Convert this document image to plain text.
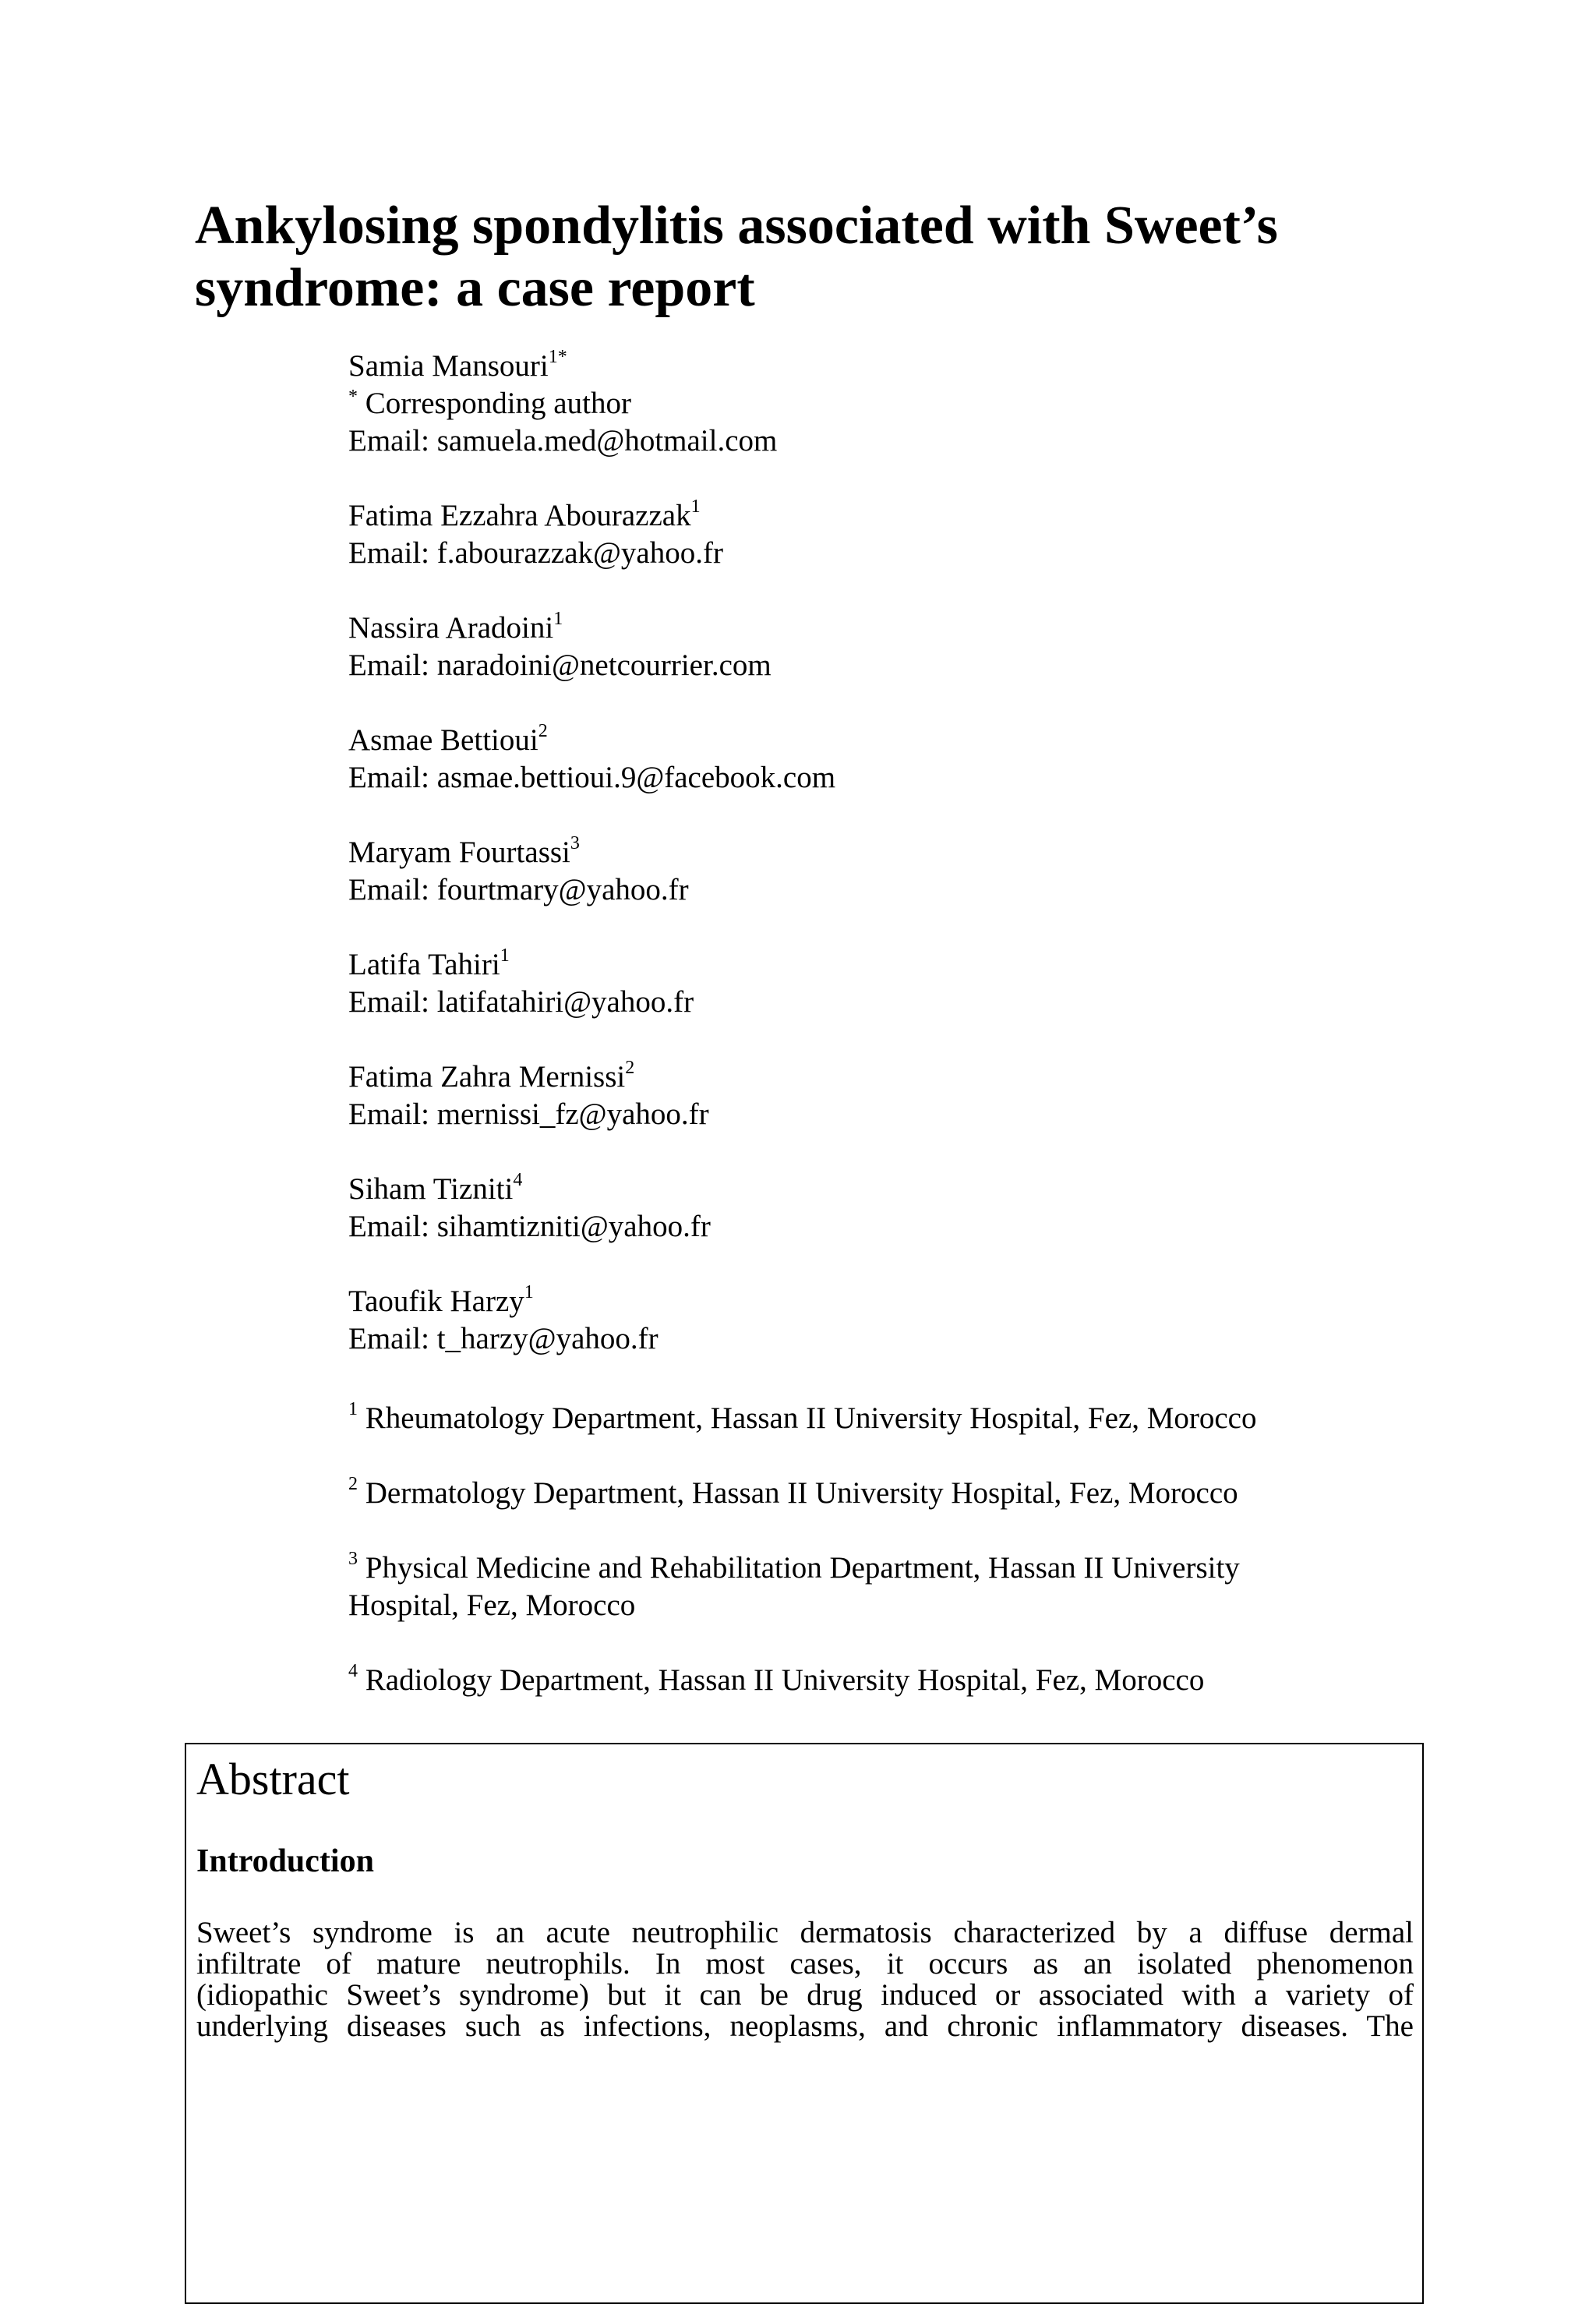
Ankylosing spondylitis associated with Sweet’s
syndrome: a case report
Samia Mansouri$^{1*}$
* Corresponding author
Email: samuela.med@hotmail.com
Fatima Ezzahra Abourazzak$^1$
Email: f.abourazzak@yahoo.fr
Nassira Aradoini$^1$
Email: naradoini@netcourrier.com
Asmae Bettioui$^2$
Email: asmae.bettioui.9@facebook.com
Maryam Fourtassi$^3$
Email: fourtmary@yahoo.fr
Latifa Tahiri$^1$
Email: latifatahiri@yahoo.fr
Fatima Zahra Mernissi$^2$
Email: mernissi_fz@yahoo.fr
Siham Tizniti$^4$
Email: sihamtizniti@yahoo.fr
Taoufik Harzy$^1$
Email: t_harzy@yahoo.fr
$^1$ Rheumatology Department, Hassan II University Hospital, Fez, Morocco
$^2$ Dermatology Department, Hassan II University Hospital, Fez, Morocco
$^3$ Physical Medicine and Rehabilitation Department, Hassan II University
Hospital, Fez, Morocco
$^4$ Radiology Department, Hassan II University Hospital, Fez, Morocco
Abstract
Introduction
Sweet’s syndrome is an acute neutrophilic dermatosis characterized by a diffuse dermal
infiltrate of mature neutrophils. In most cases, it occurs as an isolated phenomenon
(idiopathic Sweet’s syndrome) but it can be drug induced or associated with a variety of
underlying diseases such as infections, neoplasms, and chronic inflammatory diseases. The
